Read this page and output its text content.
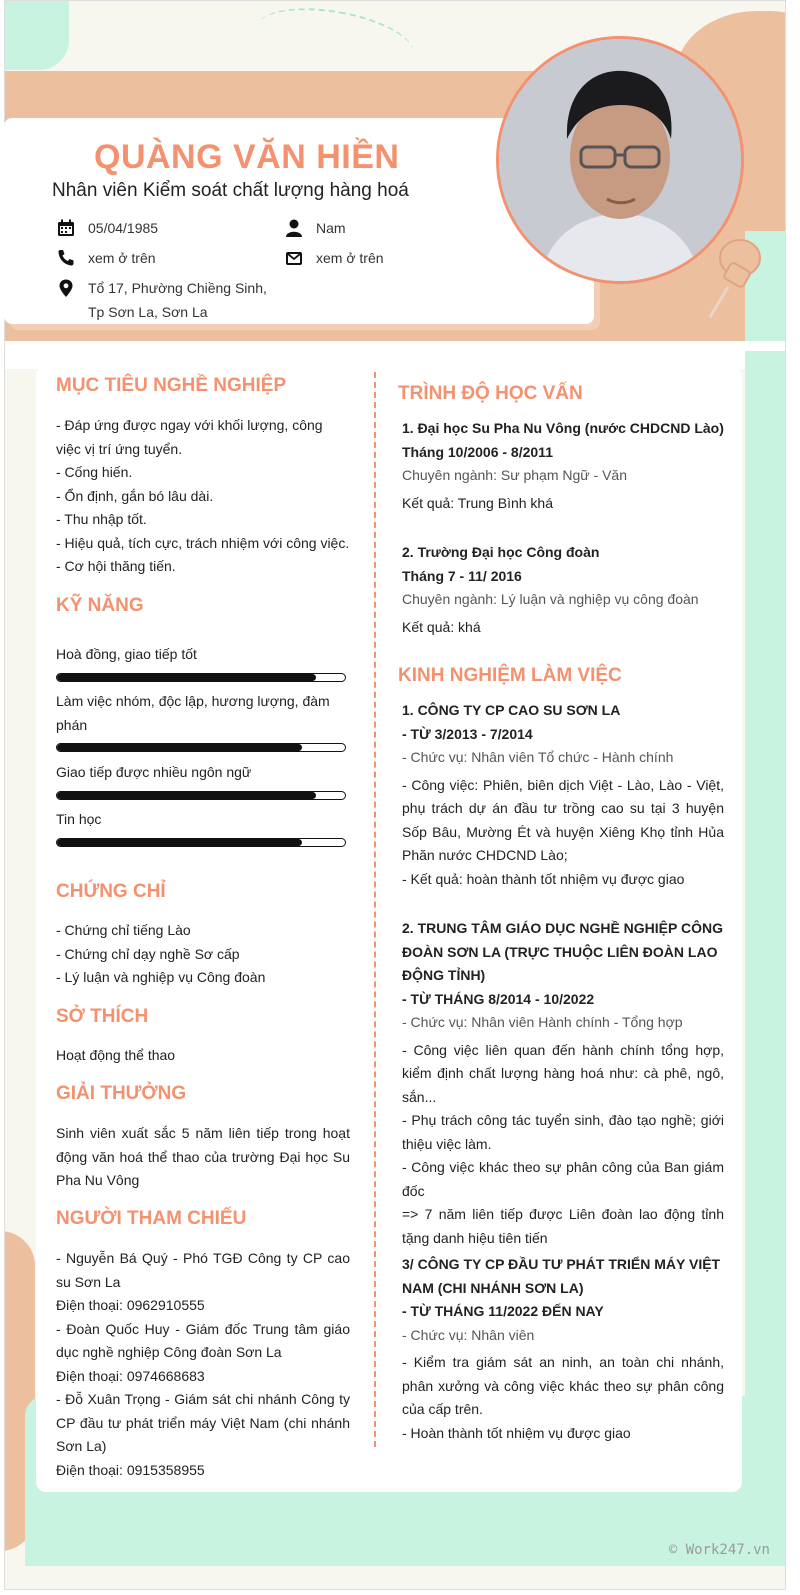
QUÀNG VĂN HIỀN
Nhân viên Kiểm soát chất lượng hàng hoá
05/04/1985	Nam
xem ở trên	xem ở trên
Tổ 17, Phường Chiềng Sinh,
Tp Sơn La, Sơn La
MỤC TIÊU NGHỀ NGHIỆP
- Đáp ứng được ngay với khối lượng, công việc vị trí ứng tuyển.
- Cống hiến.
- Ổn định, gắn bó lâu dài.
- Thu nhập tốt.
- Hiệu quả, tích cực, trách nhiệm với công việc.
- Cơ hội thăng tiến.
KỸ NĂNG
Hoà đồng, giao tiếp tốt
Làm việc nhóm, độc lập, hương lượng, đàm phán
Giao tiếp được nhiều ngôn ngữ
Tin học
CHỨNG CHỈ
- Chứng chỉ tiếng Lào
- Chứng chỉ dạy nghề Sơ cấp
- Lý luận và nghiệp vụ Công đoàn
SỞ THÍCH
Hoạt động thể thao
GIẢI THƯỞNG
Sinh viên xuất sắc 5 năm liên tiếp trong hoạt động văn hoá thể thao của trường Đại học Su Pha Nu Vông
NGƯỜI THAM CHIẾU
- Nguyễn Bá Quý - Phó TGĐ Công ty CP cao su Sơn La
Điện thoại: 0962910555
- Đoàn Quốc Huy - Giám đốc Trung tâm giáo dục nghề nghiệp Công đoàn Sơn La
Điện thoại: 0974668683
- Đỗ Xuân Trọng - Giám sát chi nhánh Công ty CP đầu tư phát triển máy Việt Nam (chi nhánh Sơn La)
Điện thoại: 0915358955
TRÌNH ĐỘ HỌC VẤN
1. Đại học Su Pha Nu Vông (nước CHDCND Lào)
Tháng 10/2006 - 8/2011
Chuyên ngành: Sư phạm Ngữ - Văn
Kết quả: Trung Bình khá
2. Trường Đại học Công đoàn
Tháng 7 - 11/ 2016
Chuyên ngành: Lý luận và nghiệp vụ công đoàn
Kết quả: khá
KINH NGHIỆM LÀM VIỆC
1. CÔNG TY CP CAO SU SƠN LA
- TỪ 3/2013 - 7/2014
- Chức vụ: Nhân viên Tổ chức - Hành chính
- Công việc: Phiên, biên dịch Việt - Lào, Lào - Việt, phụ trách dự án đầu tư trồng cao su tại 3 huyện Sốp Bâu, Mường Ét và huyện Xiêng Khọ tỉnh Hủa Phăn nước CHDCND Lào;
- Kết quả: hoàn thành tốt nhiệm vụ được giao
2. TRUNG TÂM GIÁO DỤC NGHỀ NGHIỆP CÔNG ĐOÀN SƠN LA (TRỰC THUỘC LIÊN ĐOÀN LAO ĐỘNG TỈNH)
- TỪ THÁNG 8/2014 - 10/2022
- Chức vụ: Nhân viên Hành chính - Tổng hợp
- Công việc liên quan đến hành chính tổng hợp, kiểm định chất lượng hàng hoá như: cà phê, ngô, sắn...
- Phụ trách công tác tuyển sinh, đào tạo nghề; giới thiệu việc làm.
- Công việc khác theo sự phân công của Ban giám đốc
=> 7 năm liên tiếp được Liên đoàn lao động tỉnh tặng danh hiệu tiên tiến
3/ CÔNG TY CP ĐẦU TƯ PHÁT TRIỂN MÁY VIỆT NAM (CHI NHÁNH SƠN LA)
- TỪ THÁNG 11/2022 ĐẾN NAY
- Chức vụ: Nhân viên
- Kiểm tra giám sát an ninh, an toàn chi nhánh, phân xưởng và công việc khác theo sự phân công của cấp trên.
- Hoàn thành tốt nhiệm vụ được giao
© Work247.vn
